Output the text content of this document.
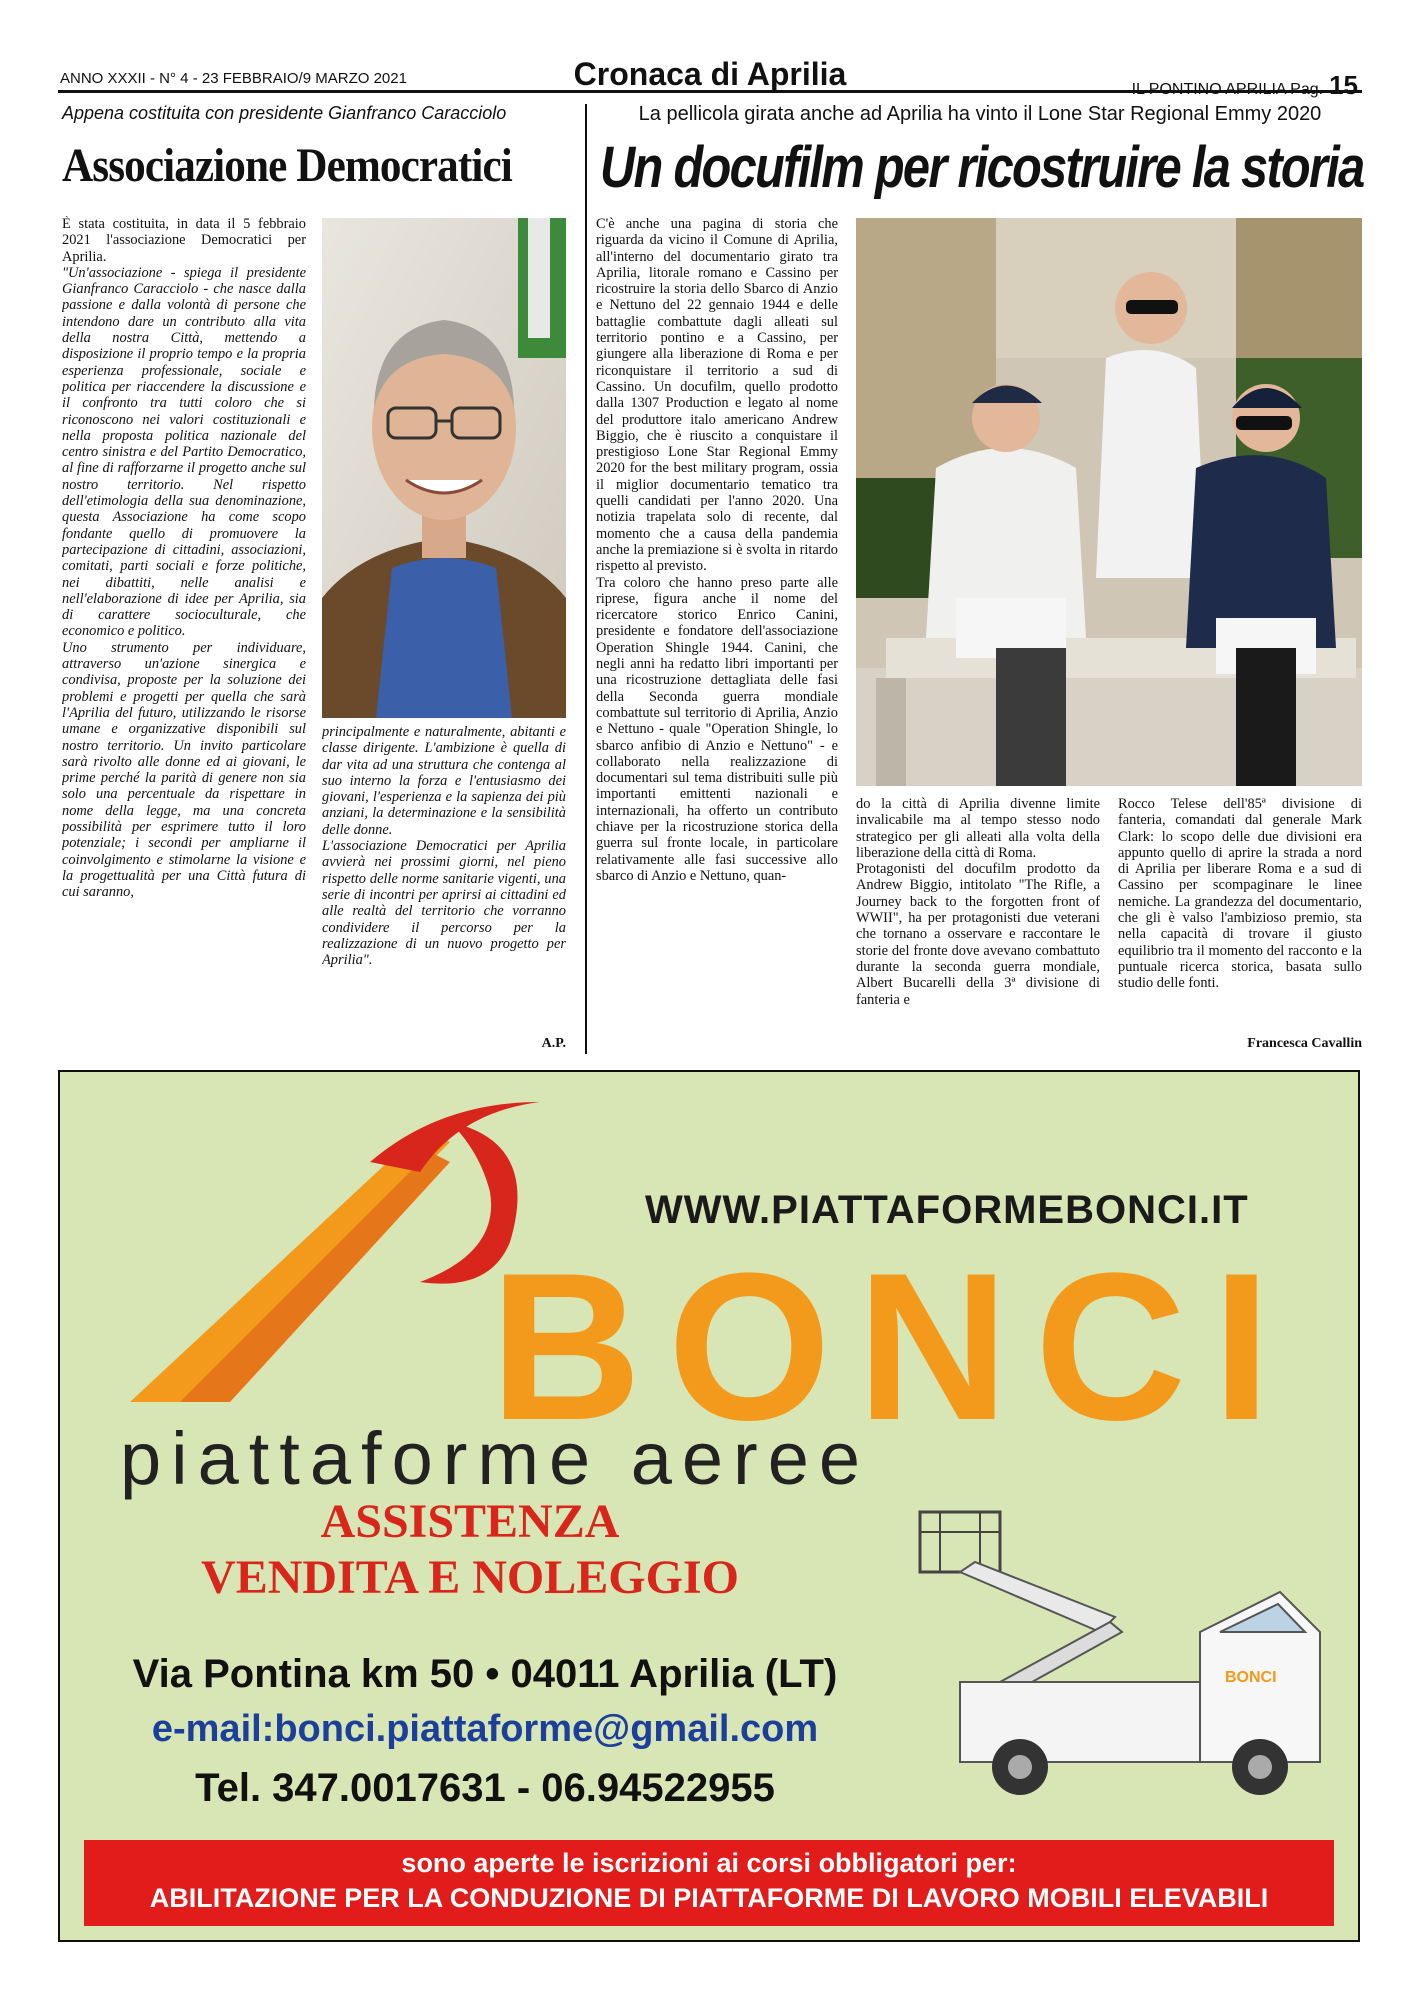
ANNO XXXII - N° 4 - 23 FEBBRAIO/9 MARZO 2021	Cronaca di Aprilia	IL PONTINO APRILIA Pag. 15
Appena costituita con presidente Gianfranco Caracciolo
Associazione Democratici

È stata costituita, in data il 5 febbraio 2021 l'associazione Democratici per Aprilia.

"Un'associazione - spiega il presidente Gianfranco Caracciolo - che nasce dalla passione e dalla volontà di persone che intendono dare un contributo alla vita della nostra Città, mettendo a disposizione il proprio tempo e la propria esperienza professionale, sociale e politica per riaccendere la discussione e il confronto tra tutti coloro che si riconoscono nei valori costituzionali e nella proposta politica nazionale del centro sinistra e del Partito Democratico, al fine di rafforzarne il progetto anche sul nostro territorio. Nel rispetto dell'etimologia della sua denominazione, questa Associazione ha come scopo fondante quello di promuovere la partecipazione di cittadini, associazioni, comitati, parti sociali e forze politiche, nei dibattiti, nelle analisi e nell'elaborazione di idee per Aprilia, sia di carattere socioculturale, che economico e politico.

Uno strumento per individuare, attraverso un'azione sinergica e condivisa, proposte per la soluzione dei problemi e progetti per quella che sarà l'Aprilia del futuro, utilizzando le risorse umane e organizzative disponibili sul nostro territorio. Un invito particolare sarà rivolto alle donne ed ai giovani, le prime perché la parità di genere non sia solo una percentuale da rispettare in nome della legge, ma una concreta possibilità per esprimere tutto il loro potenziale; i secondi per ampliarne il coinvolgimento e stimolarne la visione e la progettualità per una Città futura di cui saranno,

principalmente e naturalmente, abitanti e classe dirigente. L'ambizione è quella di dar vita ad una struttura che contenga al suo interno la forza e l'entusiasmo dei giovani, l'esperienza e la sapienza dei più anziani, la determinazione e la sensibilità delle donne.

L'associazione Democratici per Aprilia avvierà nei prossimi giorni, nel pieno rispetto delle norme sanitarie vigenti, una serie di incontri per aprirsi ai cittadini ed alle realtà del territorio che vorranno condividere il percorso per la realizzazione di un nuovo progetto per Aprilia".

A.P.
La pellicola girata anche ad Aprilia ha vinto il Lone Star Regional Emmy 2020
Un docufilm per ricostruire la storia

C'è anche una pagina di storia che riguarda da vicino il Comune di Aprilia, all'interno del documentario girato tra Aprilia, litorale romano e Cassino per ricostruire la storia dello Sbarco di Anzio e Nettuno del 22 gennaio 1944 e delle battaglie combattute dagli alleati sul territorio pontino e a Cassino, per giungere alla liberazione di Roma e per riconquistare il territorio a sud di Cassino. Un docufilm, quello prodotto dalla 1307 Production e legato al nome del produttore italo americano Andrew Biggio, che è riuscito a conquistare il prestigioso Lone Star Regional Emmy 2020 for the best military program, ossia il miglior documentario tematico tra quelli candidati per l'anno 2020. Una notizia trapelata solo di recente, dal momento che a causa della pandemia anche la premiazione si è svolta in ritardo rispetto al previsto.

Tra coloro che hanno preso parte alle riprese, figura anche il nome del ricercatore storico Enrico Canini, presidente e fondatore dell'associazione Operation Shingle 1944. Canini, che negli anni ha redatto libri importanti per una ricostruzione dettagliata delle fasi della Seconda guerra mondiale combattute sul territorio di Aprilia, Anzio e Nettuno - quale "Operation Shingle, lo sbarco anfibio di Anzio e Nettuno" - e collaborato nella realizzazione di documentari sul tema distribuiti sulle più importanti emittenti nazionali e internazionali, ha offerto un contributo chiave per la ricostruzione storica della guerra sul fronte locale, in particolare relativamente alle fasi successive allo sbarco di Anzio e Nettuno, quan-

do la città di Aprilia divenne limite invalicabile ma al tempo stesso nodo strategico per gli alleati alla volta della liberazione della città di Roma.

Protagonisti del docufilm prodotto da Andrew Biggio, intitolato "The Rifle, a Journey back to the forgotten front of WWII", ha per protagonisti due veterani che tornano a osservare e raccontare le storie del fronte dove avevano combattuto durante la seconda guerra mondiale, Albert Bucarelli della 3ª divisione di fanteria e

Rocco Telese dell'85ª divisione di fanteria, comandati dal generale Mark Clark: lo scopo delle due divisioni era appunto quello di aprire la strada a nord di Aprilia per liberare Roma e a sud di Cassino per scompaginare le linee nemiche. La grandezza del documentario, che gli è valso l'ambizioso premio, sta nella capacità di trovare il giusto equilibrio tra il momento del racconto e la puntuale ricerca storica, basata sullo studio delle fonti.

Francesca Cavallin
WWW.PIATTAFORMEBONCI.IT
BONCI
piattaforme aeree
ASSISTENZA
VENDITA E NOLEGGIO
Via Pontina km 50 • 04011 Aprilia (LT)
e-mail:bonci.piattaforme@gmail.com
Tel. 347.0017631 - 06.94522955
BONCI
sono aperte le iscrizioni ai corsi obbligatori per:
ABILITAZIONE PER LA CONDUZIONE DI PIATTAFORME DI LAVORO MOBILI ELEVABILI
